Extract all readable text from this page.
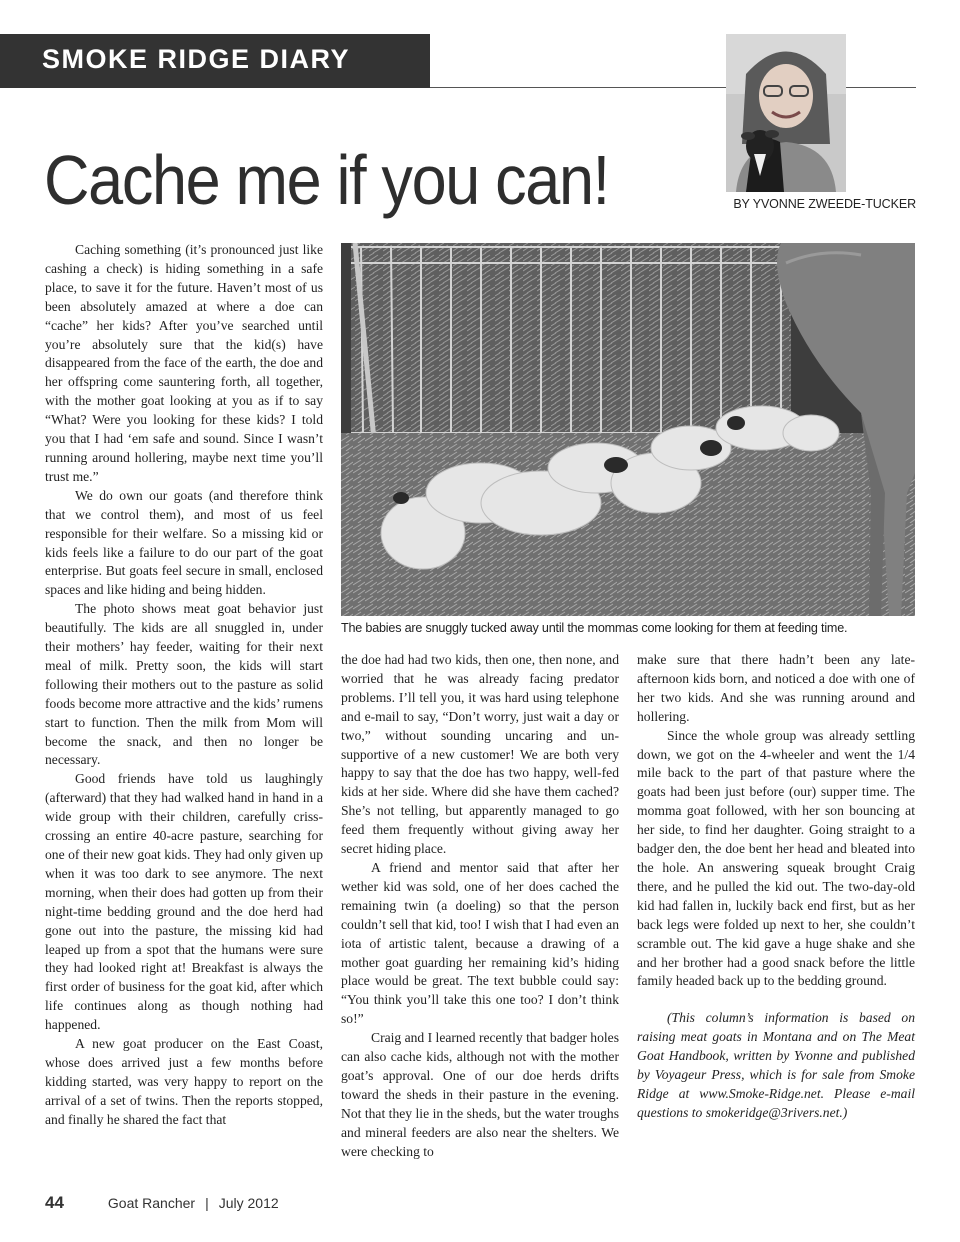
SMOKE RIDGE DIARY
Cache me if you can!	BY YVONNE ZWEEDE-TUCKER

Caching something (it’s pronounced just like cashing a check) is hiding something in a safe place, to save it for the future. Haven’t most of us been absolutely amazed at where a doe can “cache” her kids? After you’ve searched until you’re absolutely sure that the kid(s) have disappeared from the face of the earth, the doe and her offspring come sauntering forth, all together, with the mother goat looking at you as if to say “What? Were you looking for these kids? I told you that I had ‘em safe and sound. Since I wasn’t running around hollering, maybe next time you’ll trust me.”

We do own our goats (and therefore think that we control them), and most of us feel responsible for their welfare. So a missing kid or kids feels like a failure to do our part of the goat enterprise. But goats feel secure in small, enclosed spaces and like hiding and being hidden.

The photo shows meat goat behavior just beautifully. The kids are all snuggled in, under their mothers’ hay feeder, waiting for their next meal of milk. Pretty soon, the kids will start following their mothers out to the pasture as solid foods become more attractive and the kids’ rumens start to function. Then the milk from Mom will become the snack, and then no longer be necessary.

Good friends have told us laughingly (afterward) that they had walked hand in hand in a wide group with their children, carefully criss-crossing an entire 40-acre pasture, searching for one of their new goat kids. They had only given up when it was too dark to see anymore. The next morning, when their does had gotten up from their night-time bedding ground and the doe herd had gone out into the pasture, the missing kid had leaped up from a spot that the humans were sure they had looked right at! Breakfast is always the first order of business for the goat kid, after which life continues along as though nothing had happened.

A new goat producer on the East Coast, whose does arrived just a few months before kidding started, was very happy to report on the arrival of a set of twins. Then the reports stopped, and finally he shared the fact that

The babies are snuggly tucked away until the mommas come looking for them at feeding time.

the doe had had two kids, then one, then none, and worried that he was already facing predator problems. I’ll tell you, it was hard using telephone and e-mail to say, “Don’t worry, just wait a day or two,” without sounding uncaring and un-supportive of a new customer! We are both very happy to say that the doe has two happy, well-fed kids at her side. Where did she have them cached? She’s not telling, but apparently managed to go feed them frequently without giving away her secret hiding place.

A friend and mentor said that after her wether kid was sold, one of her does cached the remaining twin (a doeling) so that the person couldn’t sell that kid, too! I wish that I had even an iota of artistic talent, because a drawing of a mother goat guarding her remaining kid’s hiding place would be great. The text bubble could say: “You think you’ll take this one too? I don’t think so!”

Craig and I learned recently that badger holes can also cache kids, although not with the mother goat’s approval. One of our doe herds drifts toward the sheds in their pasture in the evening. Not that they lie in the sheds, but the water troughs and mineral feeders are also near the shelters. We were checking to

make sure that there hadn’t been any late-afternoon kids born, and noticed a doe with one of her two kids. And she was running around and hollering.

Since the whole group was already settling down, we got on the 4-wheeler and went the 1/4 mile back to the part of that pasture where the goats had been just before (our) supper time. The momma goat followed, with her son bouncing at her side, to find her daughter. Going straight to a badger den, the doe bent her head and bleated into the hole. An answering squeak brought Craig there, and he pulled the kid out. The two-day-old kid had fallen in, luckily back end first, but as her back legs were folded up next to her, she couldn’t scramble out. The kid gave a huge shake and she and her brother had a good snack before the little family headed back up to the bedding ground.

(This column’s information is based on raising meat goats in Montana and on The Meat Goat Handbook, written by Yvonne and published by Voyageur Press, which is for sale from Smoke Ridge at www.Smoke-Ridge.net. Please e-mail questions to smokeridge@3rivers.net.)

44	Goat Rancher | July 2012
